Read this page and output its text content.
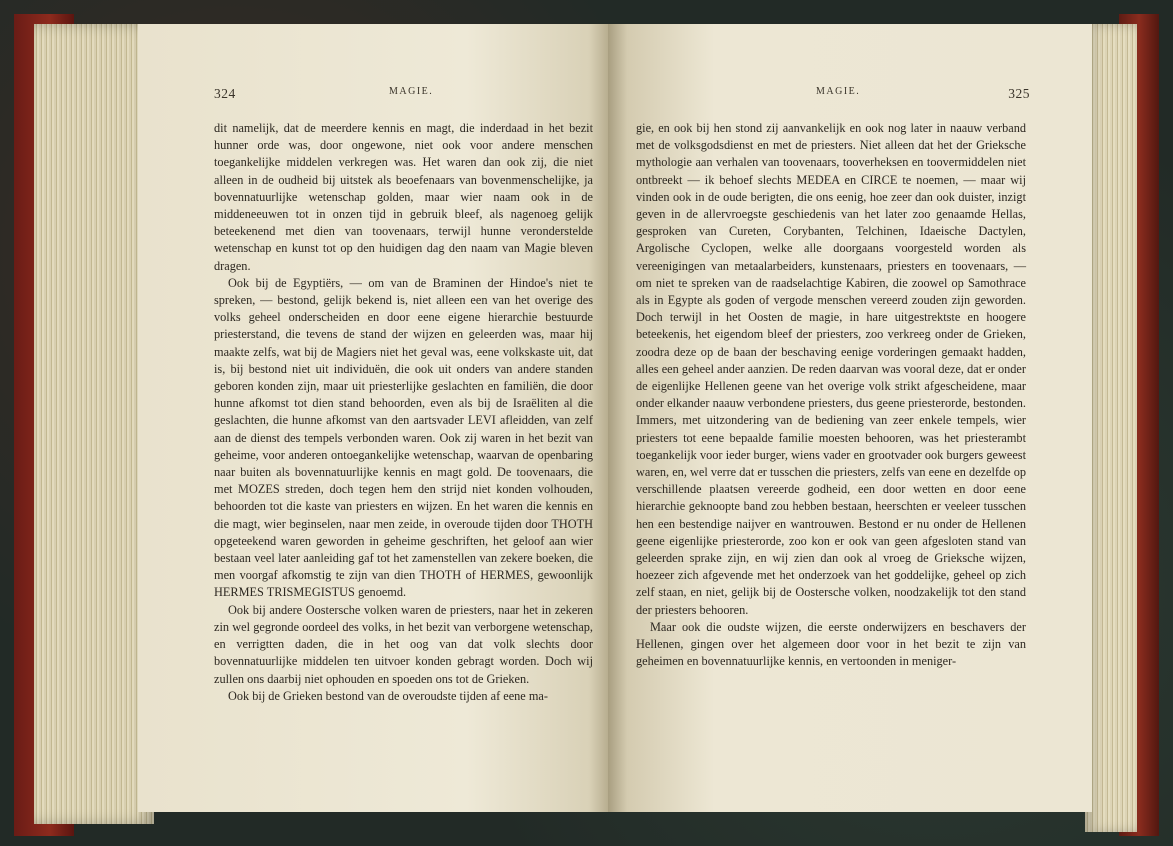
324	MAGIE.

dit namelijk, dat de meerdere kennis en magt, die inderdaad in het bezit hunner orde was, door ongewone, niet ook voor andere menschen toegankelijke middelen verkregen was. Het waren dan ook zij, die niet alleen in de oudheid bij uitstek als beoefenaars van bovenmenschelijke, ja bovennatuurlijke wetenschap golden, maar wier naam ook in de middeneeuwen tot in onzen tijd in gebruik bleef, als nagenoeg gelijk beteekenend met dien van toovenaars, terwijl hunne veronderstelde wetenschap en kunst tot op den huidigen dag den naam van Magie bleven dragen.

Ook bij de Egyptiërs, — om van de Braminen der Hindoe's niet te spreken, — bestond, gelijk bekend is, niet alleen een van het overige des volks geheel onderscheiden en door eene eigene hierarchie bestuurde priesterstand, die tevens de stand der wijzen en geleerden was, maar hij maakte zelfs, wat bij de Magiers niet het geval was, eene volkskaste uit, dat is, bij bestond niet uit individuën, die ook uit onders van andere standen geboren konden zijn, maar uit priesterlijke geslachten en familiën, die door hunne afkomst tot dien stand behoorden, even als bij de Israëliten al die geslachten, die hunne afkomst van den aartsvader LEVI afleidden, van zelf aan de dienst des tempels verbonden waren. Ook zij waren in het bezit van geheime, voor anderen ontoegankelijke wetenschap, waarvan de openbaring naar buiten als bovennatuurlijke kennis en magt gold. De toovenaars, die met MOZES streden, doch tegen hem den strijd niet konden volhouden, behoorden tot die kaste van priesters en wijzen. En het waren die kennis en die magt, wier beginselen, naar men zeide, in overoude tijden door THOTH opgeteekend waren geworden in geheime geschriften, het geloof aan wier bestaan veel later aanleiding gaf tot het zamenstellen van zekere boeken, die men voorgaf afkomstig te zijn van dien THOTH of HERMES, gewoonlijk HERMES TRISMEGISTUS genoemd.

Ook bij andere Oostersche volken waren de priesters, naar het in zekeren zin wel gegronde oordeel des volks, in het bezit van verborgene wetenschap, en verrigtten daden, die in het oog van dat volk slechts door bovennatuurlijke middelen ten uitvoer konden gebragt worden. Doch wij zullen ons daarbij niet ophouden en spoeden ons tot de Grieken.

Ook bij de Grieken bestond van de overoudste tijden af eene ma-

MAGIE.	325

gie, en ook bij hen stond zij aanvankelijk en ook nog later in naauw verband met de volksgodsdienst en met de priesters. Niet alleen dat het der Grieksche mythologie aan verhalen van toovenaars, tooverheksen en toovermiddelen niet ontbreekt — ik behoef slechts MEDEA en CIRCE te noemen, — maar wij vinden ook in de oude berigten, die ons eenig, hoe zeer dan ook duister, inzigt geven in de allervroegste geschiedenis van het later zoo genaamde Hellas, gesproken van Cureten, Corybanten, Telchinen, Idaeische Dactylen, Argolische Cyclopen, welke alle doorgaans voorgesteld worden als vereenigingen van metaalarbeiders, kunstenaars, priesters en toovenaars, — om niet te spreken van de raadselachtige Kabiren, die zoowel op Samothrace als in Egypte als goden of vergode menschen vereerd zouden zijn geworden. Doch terwijl in het Oosten de magie, in hare uitgestrektste en hoogere beteekenis, het eigendom bleef der priesters, zoo verkreeg onder de Grieken, zoodra deze op de baan der beschaving eenige vorderingen gemaakt hadden, alles een geheel ander aanzien. De reden daarvan was vooral deze, dat er onder de eigenlijke Hellenen geene van het overige volk strikt afgescheidene, maar onder elkander naauw verbondene priesters, dus geene priesterorde, bestonden. Immers, met uitzondering van de bediening van zeer enkele tempels, wier priesters tot eene bepaalde familie moesten behooren, was het priesterambt toegankelijk voor ieder burger, wiens vader en grootvader ook burgers geweest waren, en, wel verre dat er tusschen die priesters, zelfs van eene en dezelfde op verschillende plaatsen vereerde godheid, een door wetten en door eene hierarchie geknoopte band zou hebben bestaan, heerschten er veeleer tusschen hen een bestendige naijver en wantrouwen. Bestond er nu onder de Hellenen geene eigenlijke priesterorde, zoo kon er ook van geen afgesloten stand van geleerden sprake zijn, en wij zien dan ook al vroeg de Grieksche wijzen, hoezeer zich afgevende met het onderzoek van het goddelijke, geheel op zich zelf staan, en niet, gelijk bij de Oostersche volken, noodzakelijk tot den stand der priesters behooren.

Maar ook die oudste wijzen, die eerste onderwijzers en beschavers der Hellenen, gingen over het algemeen door voor in het bezit te zijn van geheimen en bovennatuurlijke kennis, en vertoonden in meniger-
